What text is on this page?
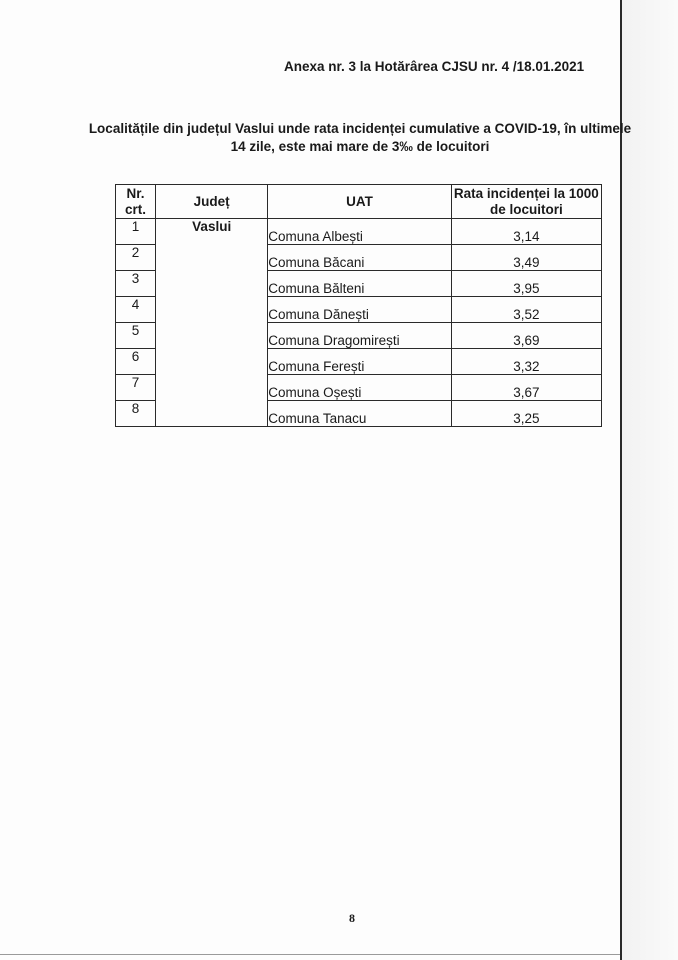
Anexa nr. 3 la Hotărârea CJSU nr. 4 /18.01.2021
Localitățile din județul Vaslui unde rata incidenței cumulative a COVID-19, în ultimele
14 zile, este mai mare de 3‰ de locuitori
Nr. crt.	Județ	UAT	Rata incidenței la 1000 de locuitori
1	Vaslui	Comuna Albești	3,14
2		Comuna Băcani	3,49
3		Comuna Bălteni	3,95
4		Comuna Dănești	3,52
5		Comuna Dragomirești	3,69
6		Comuna Ferești	3,32
7		Comuna Oșești	3,67
8		Comuna Tanacu	3,25
8
